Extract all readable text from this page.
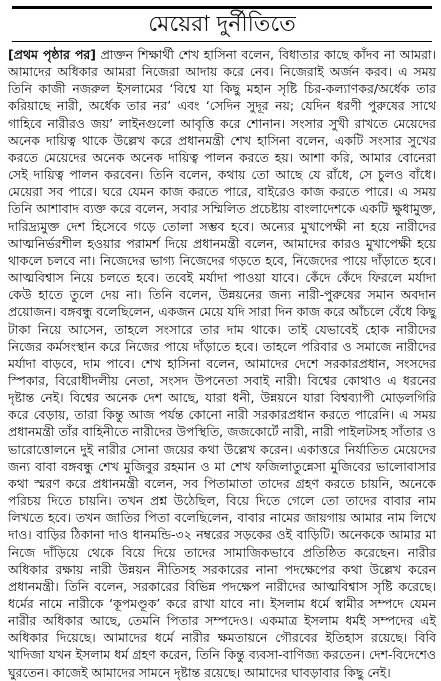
মেয়েরা দুর্নীতিতে
[প্রথম পৃষ্ঠার পর] প্রাক্তন শিক্ষার্থী শেখ হাসিনা বলেন, বিধাতার কাছে কাঁদব না আমরা। আমাদের অধিকার আমরা নিজেরা আদায় করে নেব। নিজেরাই অর্জন করব। এ সময় তিনি কাজী নজরুল ইসলামের ‘বিশ্বে যা কিছু মহান সৃষ্টি চির-কল্যাণকর/অর্ধেক তার করিয়াছে নারী, অর্ধেক তার নর’ এবং ‘সেদিন সুদূর নয়; যেদিন ধরণী পুরুষের সাথে গাহিবে নারীরও জয়’ লাইনগুলো আবৃত্তি করে শোনান। সংসার সুখী রাখতে মেয়েদের অনেক দায়িত্ব থাকে উল্লেখ করে প্রধানমন্ত্রী শেখ হাসিনা বলেন, একটি সংসার সুখের করতে মেয়েদের অনেক অনেক দায়িত্ব পালন করতে হয়। আশা করি, আমার বোনেরা সেই দায়িত্ব পালন করবেন। তিনি বলেন, কথায় তো আছে যে রাঁধে, সে চুলও বাঁধে। মেয়েরা সব পারে। ঘরে যেমন কাজ করতে পারে, বাইরেও কাজ করতে পারে। এ সময় তিনি আশাবাদ ব্যক্ত করে বলেন, সবার সম্মিলিত প্রচেষ্টায় বাংলাদেশকে একটি ক্ষুধামুক্ত, দারিদ্র্যমুক্ত দেশ হিসেবে গড়ে তোলা সম্ভব হবে। অন্যের মুখাপেক্ষী না হয়ে নারীদের আত্মনির্ভরশীল হওয়ার পরামর্শ দিয়ে প্রধানমন্ত্রী বলেন, আমাদের কারও মুখাপেক্ষী হয়ে থাকলে চলবে না। নিজেদের ভাগ্য নিজেদের গড়তে হবে, নিজেদের পায়ে দাঁড়াতে হবে। আত্মবিশ্বাস নিয়ে চলতে হবে। তবেই মর্যাদা পাওয়া যাবে। কেঁদে কেঁদে ফিরলে মর্যাদা কেউ হাতে তুলে দেয় না। তিনি বলেন, উন্নয়নের জন্য নারী-পুরুষের সমান অবদান প্রয়োজন। বঙ্গবন্ধু বলেছিলেন, একজন মেয়ে যদি সারা দিন কাজ করে আঁচলে বেঁধে কিছু টাকা নিয়ে আসেন, তাহলে সংসারে তার দাম থাকে। তাই যেভাবেই হোক নারীদের নিজের কর্মসংস্থান করে নিজের পায়ে দাঁড়াতে হবে। তাহলে পরিবার ও সমাজে নারীদের মর্যাদা বাড়বে, দাম পাবে। শেখ হাসিনা বলেন, আমাদের দেশে সরকারপ্রধান, সংসদের স্পিকার, বিরোধীদলীয় নেতা, সংসদ উপনেতা সবাই নারী। বিশ্বের কোথাও এ ধরনের দৃষ্টান্ত নেই। বিশ্বের অনেক দেশ আছে, যারা ধনী, উন্নয়নে যারা বিশ্বব্যাপী মোড়লগিরি করে বেড়ায়, তারা কিন্তু আজ পর্যন্ত কোনো নারী সরকারপ্রধান করতে পারেনি। এ সময় প্রধানমন্ত্রী তাঁর বাহিনীতে নারীদের উপস্থিতি, জজকোর্টে নারী, নারী পাইলটসহ সাঁতার ও ভারোত্তোলনে দুই নারীর সোনা জয়ের কথা উল্লেখ করেন। একাত্তরে নির্যাতিত মেয়েদের জন্য বাবা বঙ্গবন্ধু শেখ মুজিবুর রহমান ও মা শেখ ফজিলাতুন্নেসা মুজিবের ভালোবাসার কথা স্মরণ করে প্রধানমন্ত্রী বলেন, সব পিতামাতা তাদের গ্রহণ করতে চায়নি, অনেকে পরিচয় দিতে চায়নি। তখন প্রশ্ন উঠেছিল, বিয়ে দিতে গেলে তো তাদের বাবার নাম লিখতে হবে। তখন জাতির পিতা বলেছিলেন, বাবার নামের জায়গায় আমার নাম লিখে দাও। বাড়ির ঠিকানা দাও ধানমন্ডি-৩২ নম্বরের সড়কের ওই বাড়িটি। অনেককে আমার মা নিজে দাঁড়িয়ে থেকে বিয়ে দিয়ে তাদের সামাজিকভাবে প্রতিষ্ঠিত করেছেন। নারীর অধিকার রক্ষায় নারী উন্নয়ন নীতিসহ সরকারের নানা পদক্ষেপের কথা উল্লেখ করেন প্রধানমন্ত্রী। তিনি বলেন, সরকারের বিভিন্ন পদক্ষেপ নারীদের আত্মবিশ্বাস সৃষ্টি করেছে। ধর্মের নামে নারীকে ‘কূপমণ্ডূক’ করে রাখা যাবে না। ইসলাম ধর্মে স্বামীর সম্পদে যেমন নারীর অধিকার আছে, তেমনি পিতার সম্পদেও। একমাত্র ইসলাম ধর্মই সম্পদের এই অধিকার দিয়েছে। আমাদের ধর্মে নারীর ক্ষমতায়নে গৌরবের ইতিহাস রয়েছে। বিবি খাদিজা যখন ইসলাম ধর্ম গ্রহণ করেন, তিনি কিন্তু ব্যবসা-বাণিজ্য করতেন। দেশ-বিদেশেও ঘুরতেন। কাজেই আমাদের সামনে দৃষ্টান্ত রয়েছে। আমাদের ঘাবড়াবার কিছু নেই।
